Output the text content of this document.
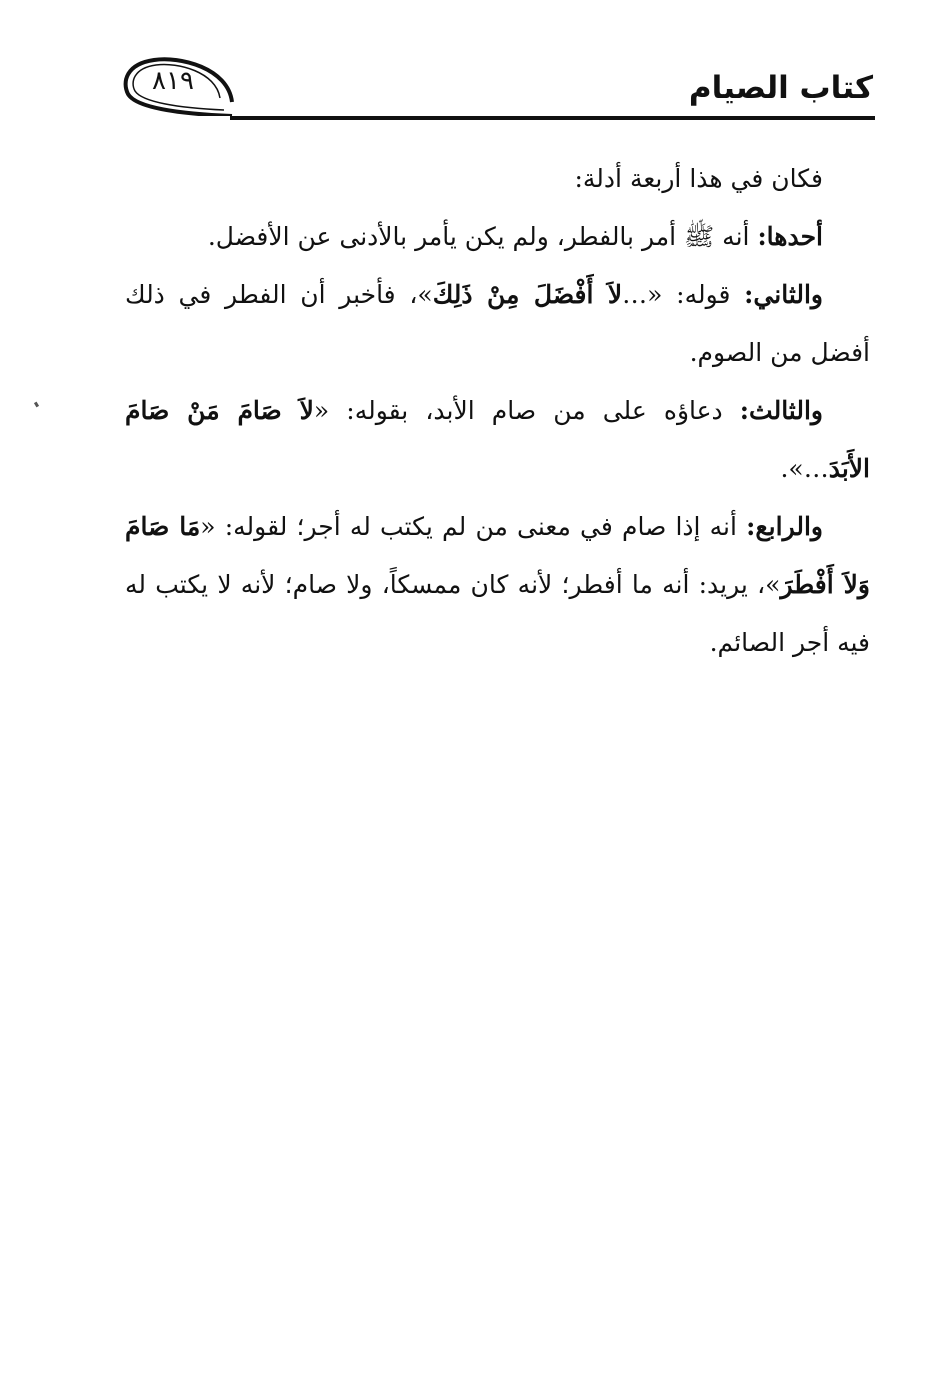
٨١٩	كتاب الصيام

فكان في هذا أربعة أدلة:

أحدها: أنه ﷺ أمر بالفطر، ولم يكن يأمر بالأدنى عن الأفضل.

والثاني: قوله: «…لاَ أَفْضَلَ مِنْ ذَلِكَ»، فأخبر أن الفطر في ذلك أفضل من الصوم.

والثالث: دعاؤه على من صام الأبد، بقوله: «لاَ صَامَ مَنْ صَامَ الأَبَدَ…».

والرابع: أنه إذا صام في معنى من لم يكتب له أجر؛ لقوله: «مَا صَامَ وَلاَ أَفْطَرَ»، يريد: أنه ما أفطر؛ لأنه كان ممسكاً، ولا صام؛ لأنه لا يكتب له فيه أجر الصائم.
